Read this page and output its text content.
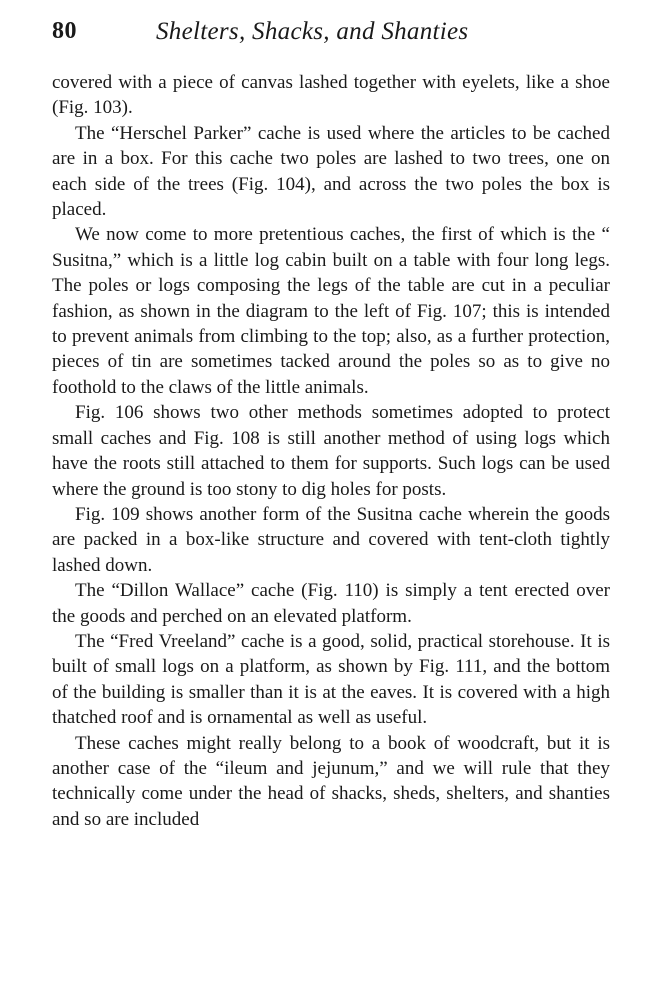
80	Shelters, Shacks, and Shanties

covered with a piece of canvas lashed together with eyelets, like a shoe (Fig. 103).

The “Herschel Parker” cache is used where the articles to be cached are in a box. For this cache two poles are lashed to two trees, one on each side of the trees (Fig. 104), and across the two poles the box is placed.

We now come to more pretentious caches, the first of which is the “ Susitna,” which is a little log cabin built on a table with four long legs. The poles or logs composing the legs of the table are cut in a peculiar fashion, as shown in the diagram to the left of Fig. 107; this is intended to prevent animals from climbing to the top; also, as a further protection, pieces of tin are sometimes tacked around the poles so as to give no foothold to the claws of the little animals.

Fig. 106 shows two other methods sometimes adopted to protect small caches and Fig. 108 is still another method of using logs which have the roots still attached to them for supports. Such logs can be used where the ground is too stony to dig holes for posts.

Fig. 109 shows another form of the Susitna cache wherein the goods are packed in a box-like structure and covered with tent-cloth tightly lashed down.

The “Dillon Wallace” cache (Fig. 110) is simply a tent erected over the goods and perched on an elevated platform.

The “Fred Vreeland” cache is a good, solid, practical storehouse. It is built of small logs on a platform, as shown by Fig. 111, and the bottom of the building is smaller than it is at the eaves. It is covered with a high thatched roof and is ornamental as well as useful.

These caches might really belong to a book of woodcraft, but it is another case of the “ileum and jejunum,” and we will rule that they technically come under the head of shacks, sheds, shelters, and shanties and so are included
